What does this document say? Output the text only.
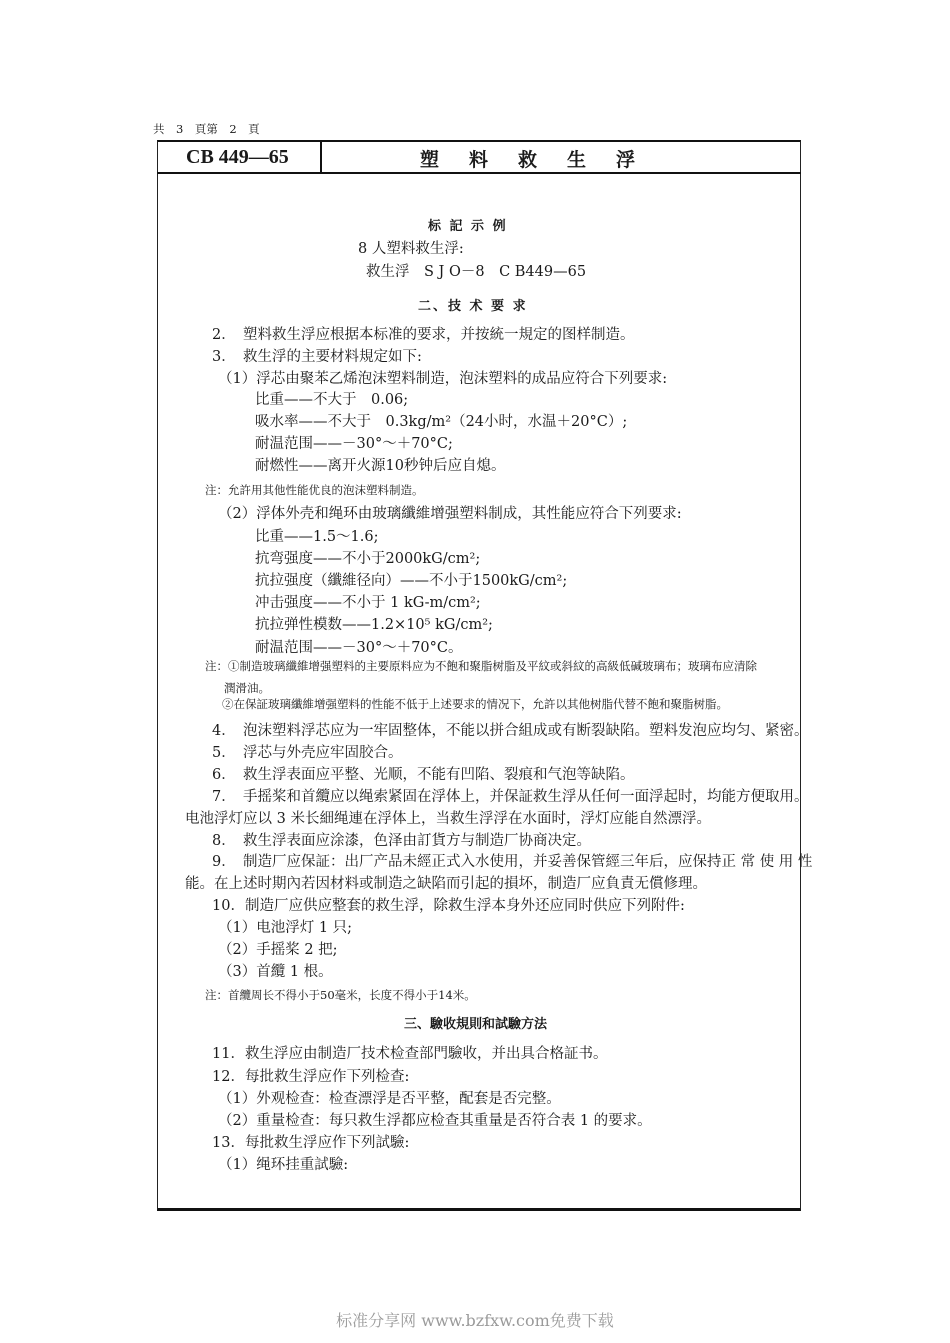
共　3　頁第　2　頁
CB 449—65	塑料救生浮
标 記 示 例
8 人塑料救生浮:
救生浮　S J O－8　C B449—65
二、技 术 要 求
2．　塑料救生浮应根据本标准的要求，并按統一規定的图样制造。
3．　救生浮的主要材料規定如下:
（1）浮芯由聚苯乙烯泡沫塑料制造，泡沫塑料的成品应符合下列要求:
比重——不大于　0.06;
吸水率——不大于　0.3kg/m²（24小时，水温＋20°C）;
耐温范围——－30°～＋70°C;
耐燃性——离开火源10秒钟后应自熄。
注：允許用其他性能优良的泡沫塑料制造。
（2）浮体外壳和绳环由玻璃纖維增强塑料制成，其性能应符合下列要求:
比重——1.5～1.6;
抗弯强度——不小于2000kG/cm²;
抗拉强度（纖維径向）——不小于1500kG/cm²;
冲击强度——不小于 1 kG-m/cm²;
抗拉弹性模数——1.2×10⁵ kG/cm²;
耐温范围——－30°～＋70°C。
注：①制造玻璃纖維增强塑料的主要原料应为不飽和聚脂树脂及平紋或斜紋的高級低碱玻璃布；玻璃布应清除
潤滑油。
②在保証玻璃纖維增强塑料的性能不低于上述要求的情况下，允許以其他树脂代替不飽和聚脂树脂。
4．　泡沫塑料浮芯应为一牢固整体，不能以拼合組成或有断裂缺陷。塑料发泡应均匀、紧密。
5．　浮芯与外壳应牢固胶合。
6．　救生浮表面应平整、光顺，不能有凹陷、裂痕和气泡等缺陷。
7．　手摇桨和首纜应以绳索紧固在浮体上，并保証救生浮从任何一面浮起时，均能方便取用。
电池浮灯应以 3 米长細绳連在浮体上，当救生浮浮在水面时，浮灯应能自然漂浮。
8．　救生浮表面应涂漆，色泽由訂貨方与制造厂协商决定。
9．　制造厂应保証：出厂产品未經正式入水使用，并妥善保管經三年后，应保持正 常 使 用 性
能。在上述时期內若因材料或制造之缺陷而引起的損坏，制造厂应負責无償修理。
10．制造厂应供应整套的救生浮，除救生浮本身外还应同时供应下列附件:
（1）电池浮灯 1 只;
（2）手摇桨 2 把;
（3）首纜 1 根。
注：首纜周长不得小于50毫米，长度不得小于14米。
三、驗收規則和試驗方法
11．救生浮应由制造厂技术检查部門驗收，并出具合格証书。
12．每批救生浮应作下列检查:
（1）外观检查：检查漂浮是否平整，配套是否完整。
（2）重量检查：每只救生浮都应检查其重量是否符合表 1 的要求。
13．每批救生浮应作下列試驗:
（1）绳环挂重試驗:
标准分享网 www.bzfxw.com免费下载
